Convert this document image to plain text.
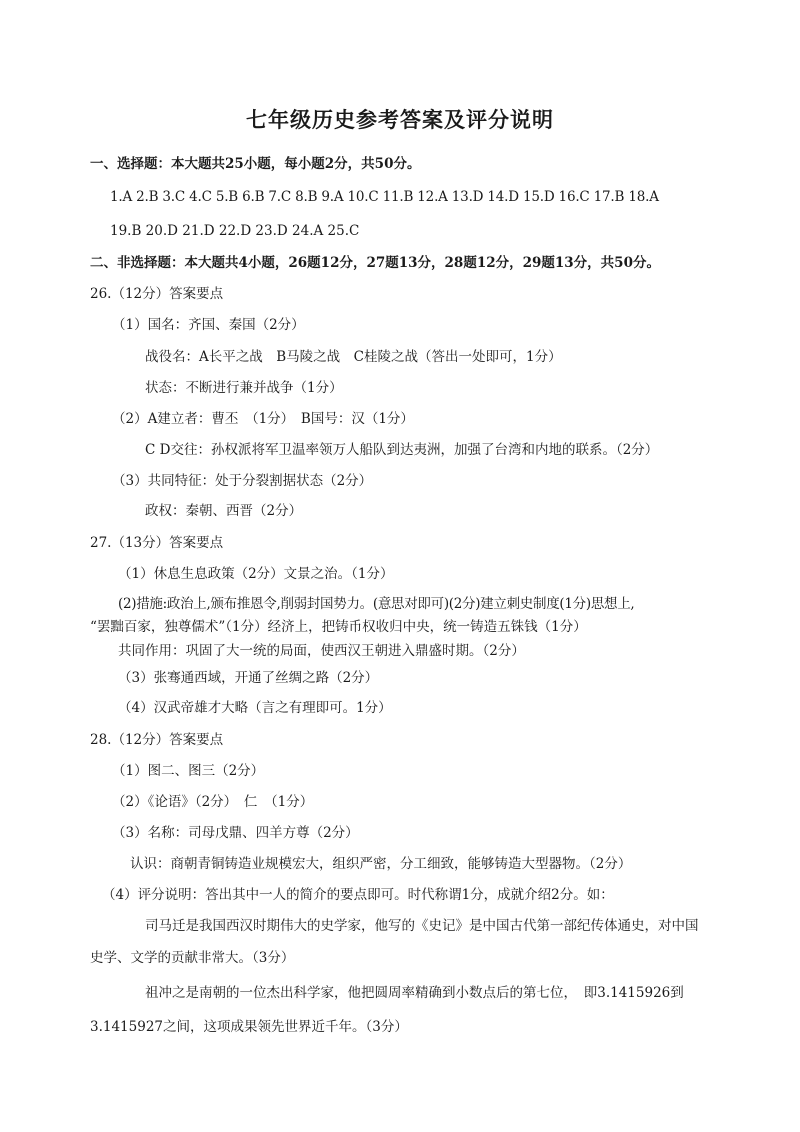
七年级历史参考答案及评分说明
一、选择题：本大题共25小题，每小题2分，共50分。
1.A 2.B 3.C 4.C 5.B 6.B 7.C 8.B 9.A 10.C 11.B 12.A 13.D 14.D 15.D 16.C 17.B 18.A
19.B 20.D 21.D 22.D 23.D 24.A 25.C
二、非选择题：本大题共4小题，26题12分，27题13分，28题12分，29题13分，共50分。
26.（12分）答案要点
（1）国名：齐国、秦国（2分）
战役名：A长平之战　B马陵之战　C桂陵之战（答出一处即可，1分）
状态：不断进行兼并战争（1分）
（2）A建立者：曹丕　（1分）　B国号：汉（1分）
C D交往：孙权派将军卫温率领万人船队到达夷洲，加强了台湾和内地的联系。（2分）
（3）共同特征：处于分裂割据状态（2分）
政权：秦朝、西晋（2分）
27.（13分）答案要点
（1）休息生息政策（2分）文景之治。（1分）
(2)措施:政治上,颁布推恩令,削弱封国势力。(意思对即可)(2分)建立刺史制度(1分)思想上,
“罢黜百家，独尊儒术”（1分）经济上，把铸币权收归中央，统一铸造五铢钱（1分）
共同作用：巩固了大一统的局面，使西汉王朝进入鼎盛时期。（2分）
（3）张骞通西域，开通了丝绸之路（2分）
（4）汉武帝雄才大略（言之有理即可。1分）
28.（12分）答案要点
（1）图二、图三（2分）
（2）《论语》（2分）　仁　（1分）
（3）名称：司母戊鼎、四羊方尊（2分）
认识：商朝青铜铸造业规模宏大，组织严密，分工细致，能够铸造大型器物。（2分）
（4）评分说明：答出其中一人的简介的要点即可。时代称谓1分，成就介绍2分。如：
司马迁是我国西汉时期伟大的史学家，他写的《史记》是中国古代第一部纪传体通史，对中国
史学、文学的贡献非常大。（3分）
祖冲之是南朝的一位杰出科学家，他把圆周率精确到小数点后的第七位，　即3.1415926到
3.1415927之间，这项成果领先世界近千年。（3分）
